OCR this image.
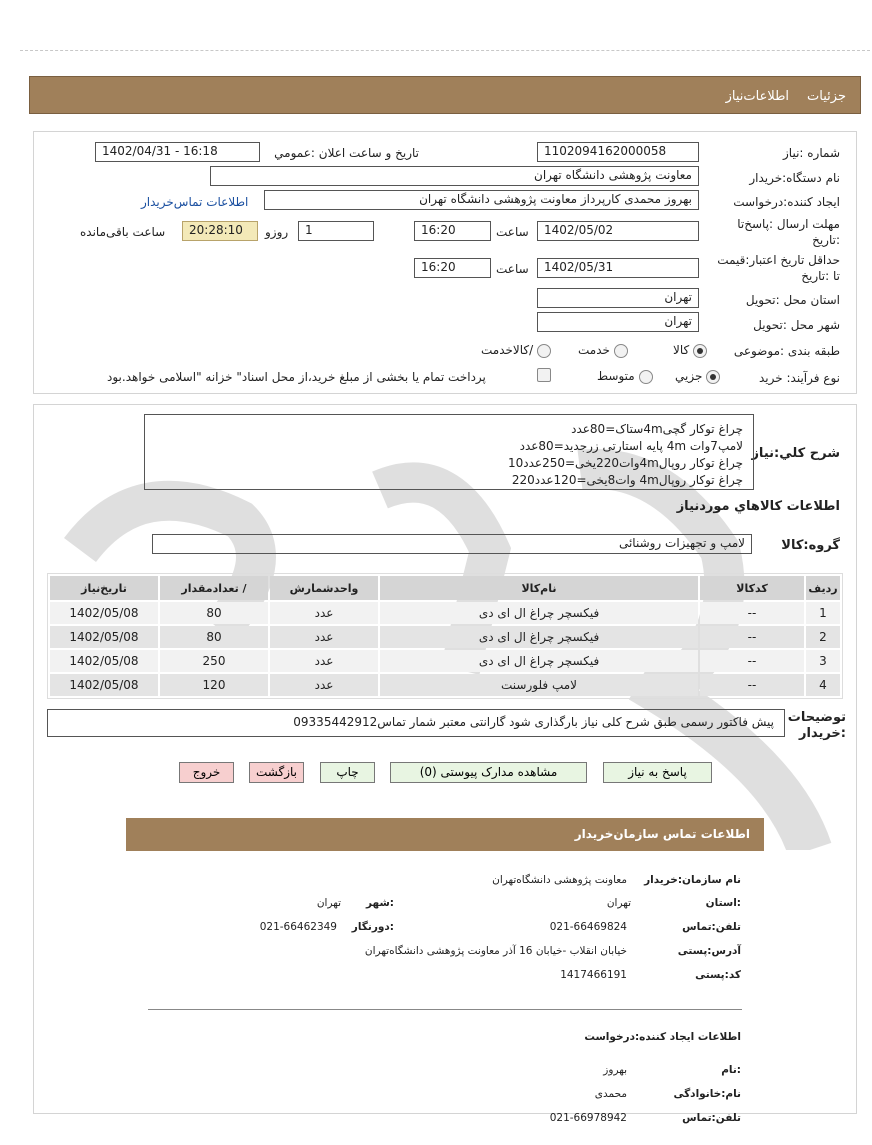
جزئیات
اطلاعات‌نیاز
شماره :نیاز
1102094162000058
تاریخ و ساعت اعلان :عمومي
1402/04/31 - 16:18
نام دستگاه:خریدار
معاونت پژوهشی دانشگاه تهران
ایجاد کننده:درخواست
بهروز محمدی کارپرداز معاونت پژوهشی دانشگاه تهران
اطلاعات تماس‌خریدار
مهلت ارسال :پاسخ‌تا :تاریخ
1402/05/02
ساعت
16:20
1
روزو
20:28:10
ساعت باقی‌مانده
حداقل تاریخ اعتبار:قیمت تا :تاریخ
1402/05/31
ساعت
16:20
استان محل :تحویل
تهران
شهر محل :تحویل
تهران
طبقه بندی :موضوعی
کالا
خدمت
/کالاخدمت
نوع فرآیند: خرید
جزیي
متوسط
پرداخت تمام یا بخشی از مبلغ خرید،از محل اسناد" خزانه "اسلامی خواهد.بود
شرح کلي:نیاز
چراغ توکار گچی4mستاک=80عدد
لامپ7وات 4m پایه استارتی زرجدید=80عدد
چراغ توکار روپال4mوات220یخی=250عدد10
چراغ توکار روپال4m وات8یخی=120عدد220
اطلاعات کالاهاي موردنیاز
گروه:کالا
لامپ و تجهیزات روشنائی
ردیف	کدکالا	نام‌کالا	واحدشمارش	/ تعدادمقدار	تاریخ‌نیاز
1	--	فیکسچر چراغ ال ای دی	عدد	80	1402/05/08
2	--	فیکسچر چراغ ال ای دی	عدد	80	1402/05/08
3	--	فیکسچر چراغ ال ای دی	عدد	250	1402/05/08
4	--	لامپ فلورسنت	عدد	120	1402/05/08
توضیحات :خریدار
پیش فاکتور رسمی طبق شرح کلی نیاز بارگذاری شود گارانتی معتبر شمار تماس09335442912
پاسخ به نیاز
مشاهده مدارک پیوستی (0)
چاپ
بازگشت
خروج
اطلاعات تماس سازمان‌خریدار
نام سازمان:خریدار
معاونت پژوهشی دانشگاه‌تهران
:استان
تهران
:شهر
تهران
تلفن:تماس
021-66469824
:دورنگار
021-66462349
آدرس:پستی
خیابان انقلاب -خیابان 16 آذر معاونت پژوهشی دانشگاه‌تهران
کد:پستی
1417466191
اطلاعات ایجاد کننده:درخواست
:نام
بهروز
نام:خانوادگی
محمدی
تلفن:تماس
021-66978942
